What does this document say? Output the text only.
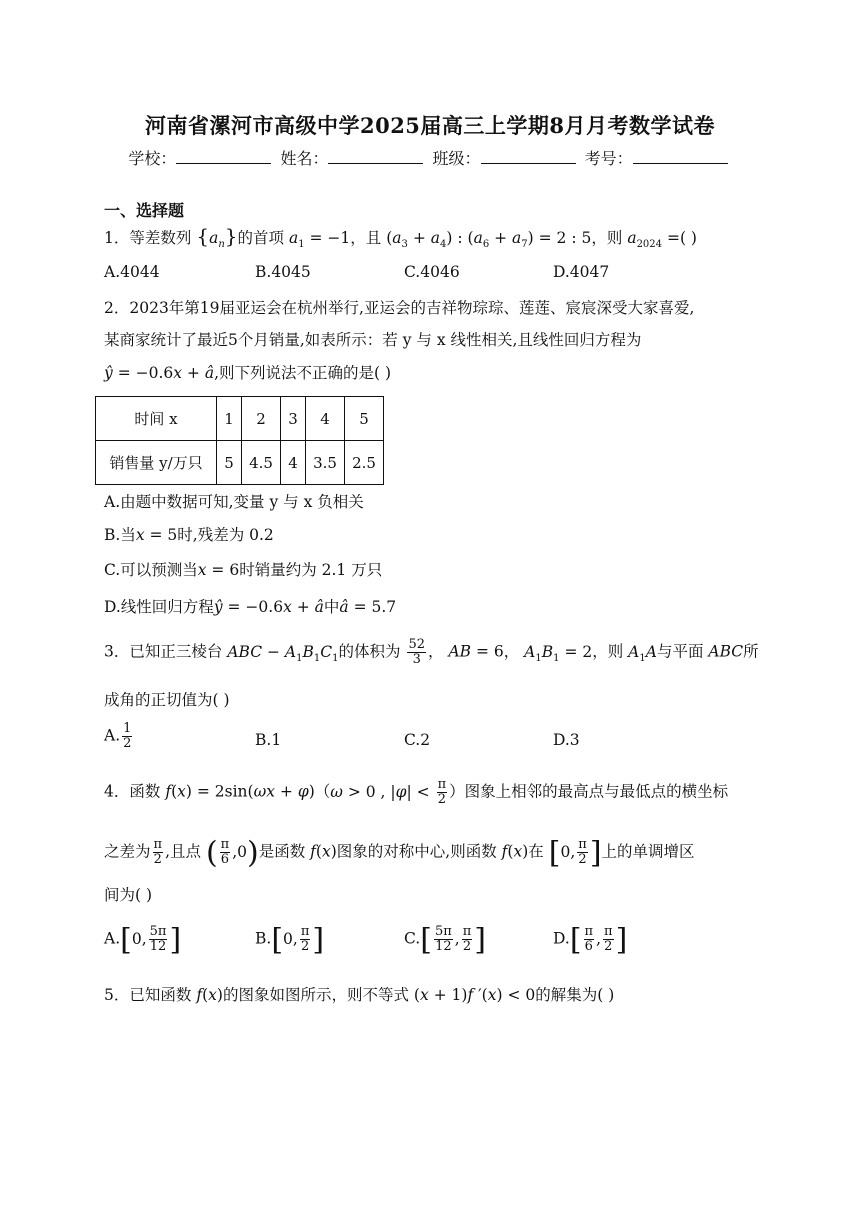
河南省漯河市高级中学2025届高三上学期8月月考数学试卷
学校：	姓名：	班级：	考号：
一、选择题
1．等差数列 $\{a_n\}$的首项 $a_1 = -1$，且 $(a_3 + a_4)$ : $(a_6 + a_7) = 2$ : 5，则 $a_{2024}$ =( )
A.4044	B.4045	C.4046	D.4047
2．2023年第19届亚运会在杭州举行,亚运会的吉祥物琮琮、莲莲、宸宸深受大家喜爱,
某商家统计了最近5个月销量,如表所示：若 y 与 x 线性相关,且线性回归方程为
ŷ = −0.6x + â,则下列说法不正确的是( )
时间 x	1	2	3	4	5
销售量 y/万只	5	4.5	4	3.5	2.5
A.由题中数据可知,变量 y 与 x 负相关
B.当x = 5时,残差为 0.2
C.可以预测当x = 6时销量约为 2.1 万只
D.线性回归方程ŷ = −0.6x + â中â = 5.7
3．已知正三棱台 ABC − $A_1B_1C_1$的体积为 $\frac{52}{3}$ ， AB = 6， $A_1B_1 = 2$，则 $A_1A$与平面 ABC所
成角的正切值为( )
A. $\frac{1}{2}$	B.1	C.2	D.3
4．函数 f(x) = 2sin(ωx + φ)（ω > 0 , $|\varphi| < \frac{\pi}{2}$ ）图象上相邻的最高点与最低点的横坐标
之差为 $\frac{\pi}{2}$ ,且点 ( $\frac{\pi}{6} ,0$)是函数 f(x)图象的对称中心,则函数 f(x)在 [0, $\frac{\pi}{2}$ ]上的单调增区
间为( )
A.[0, $\frac{5\pi}{12}$ ]	B.[0, $\frac{\pi}{2}$ ]	$C.[ \frac{5\pi}{12}$ , $\frac{\pi}{2}$ ]	$D.[ \frac{\pi}{6}$ , $\frac{\pi}{2}$ ]
5．已知函数 f(x)的图象如图所示，则不等式 (x + 1)f ′(x) < 0的解集为( )
